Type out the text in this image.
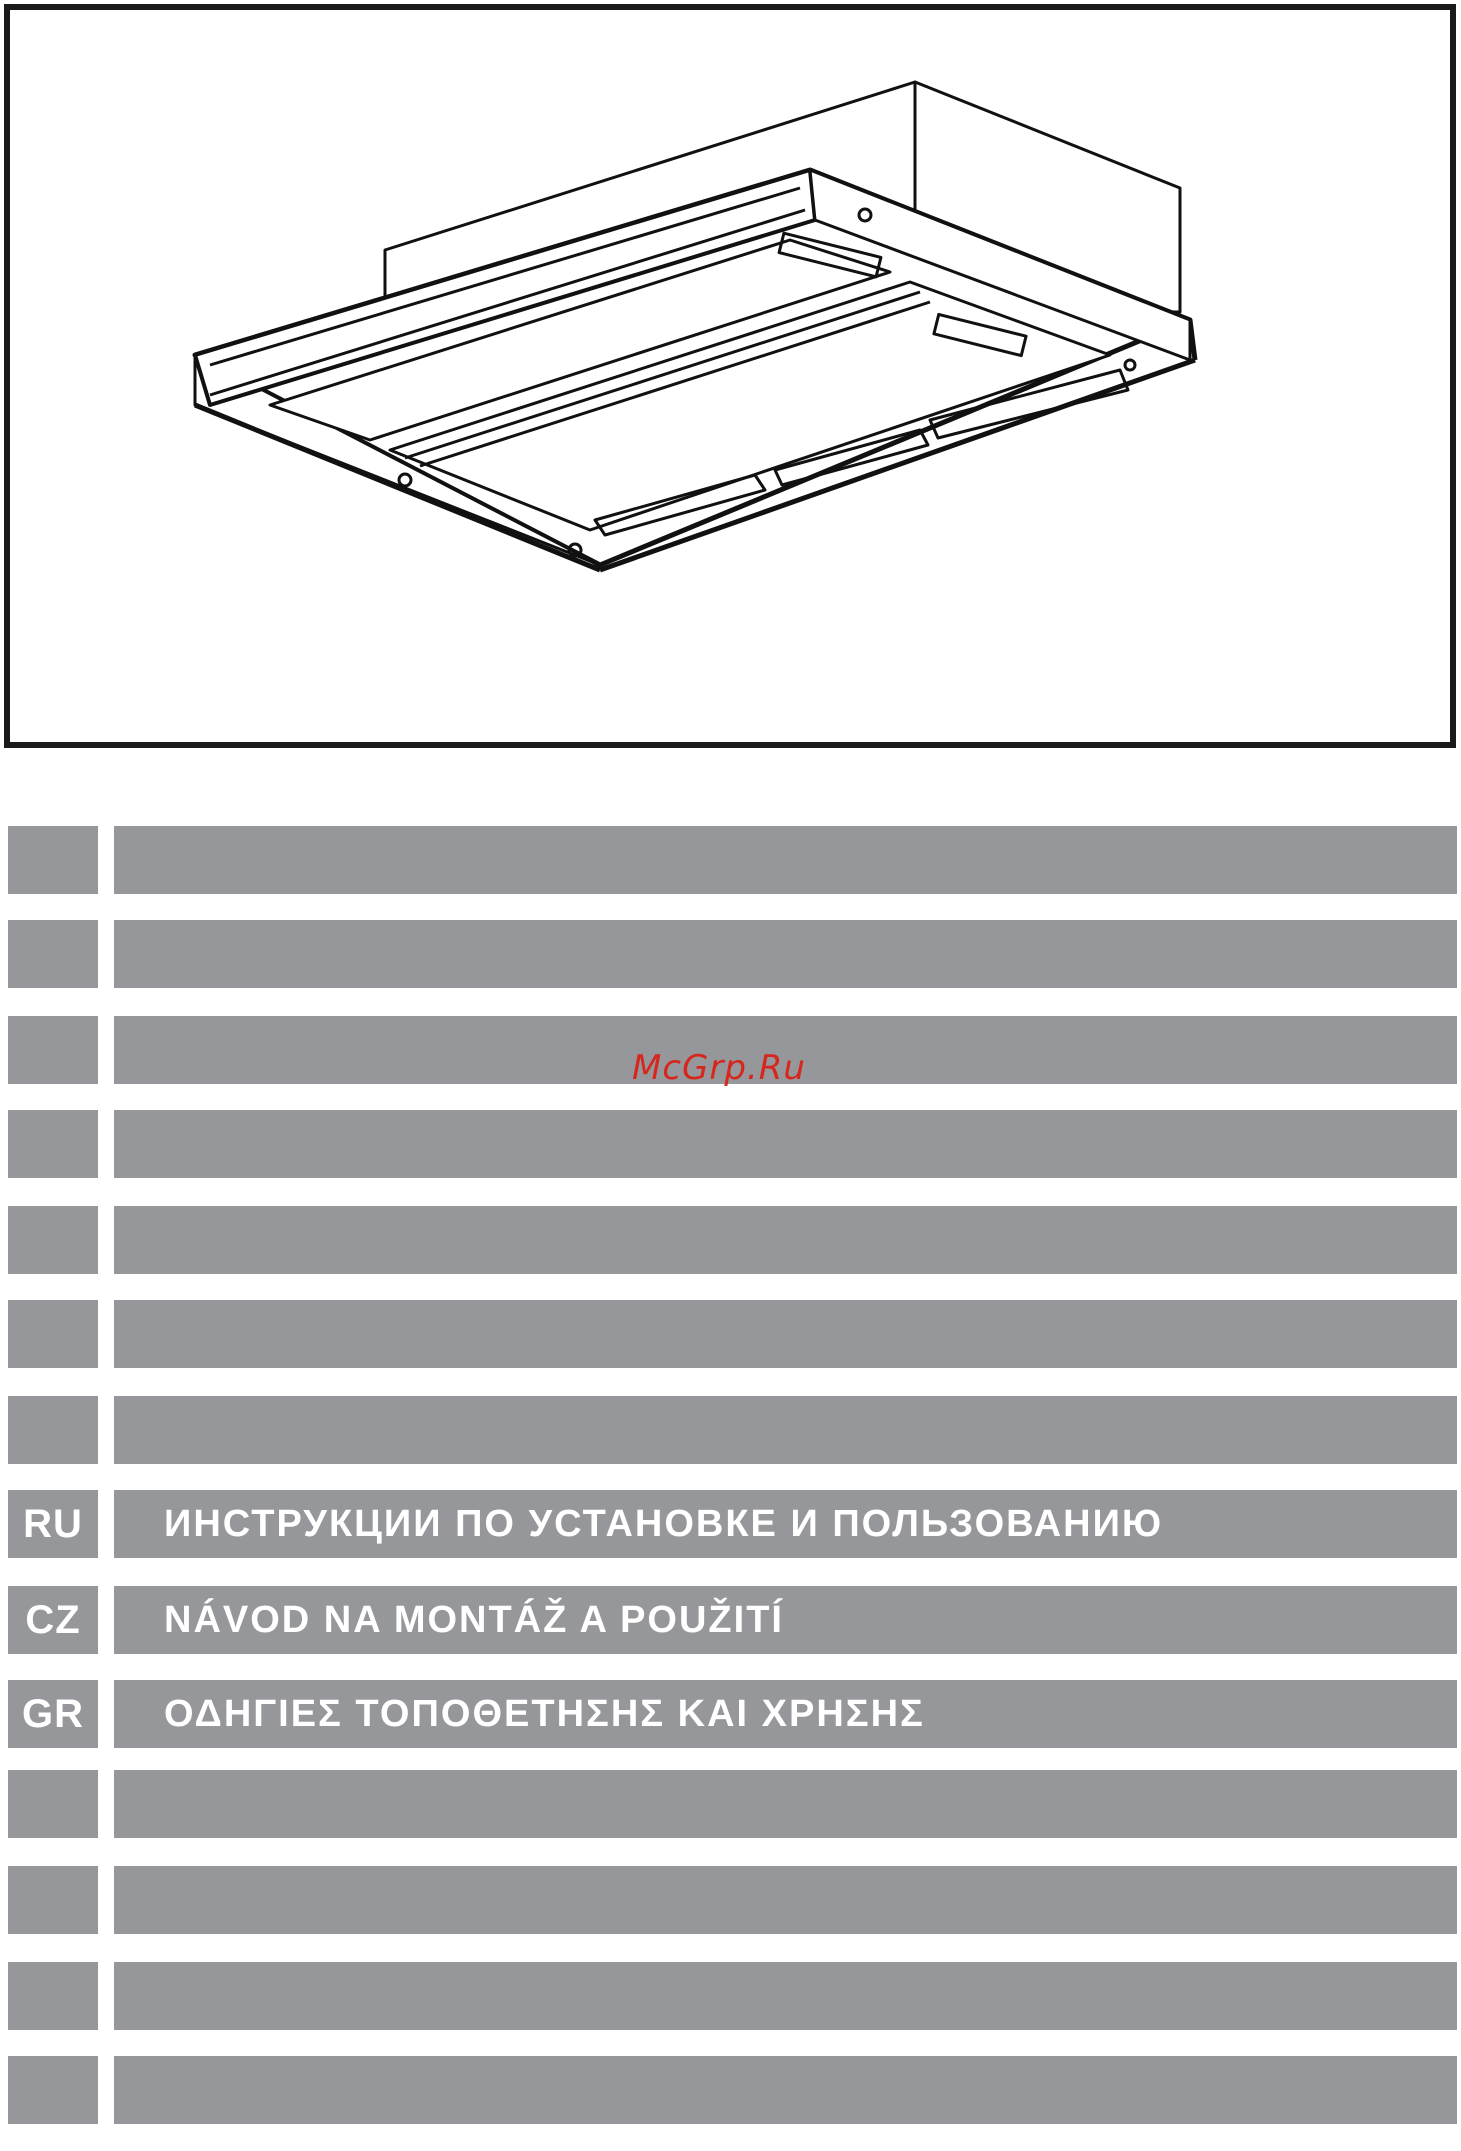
RU	ИНСТРУКЦИИ ПО УСТАНОВКЕ И ПОЛЬЗОВАНИЮ
CZ	NÁVOD NA MONTÁŽ A POUŽITÍ
GR	ΟΔΗΓΙΕΣ ΤΟΠΟΘΕΤΗΣΗΣ ΚΑΙ ΧΡΗΣΗΣ
McGrp.Ru
